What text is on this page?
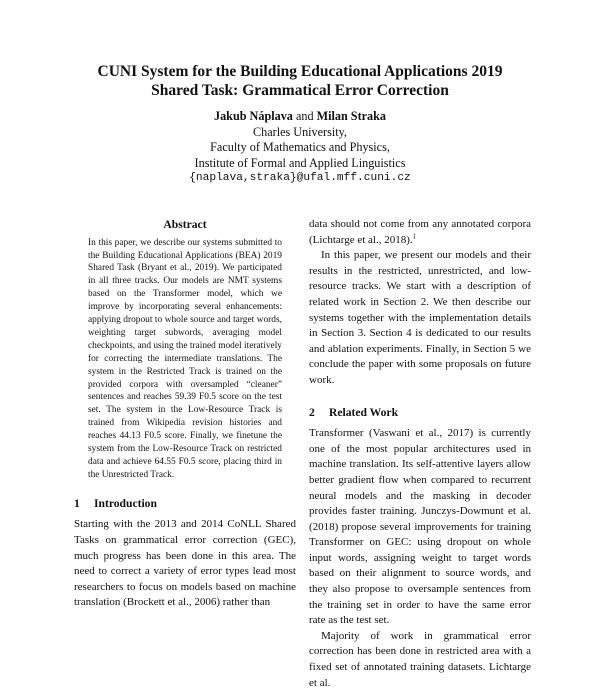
CUNI System for the Building Educational Applications 2019
Shared Task: Grammatical Error Correction
Jakub Náplava and Milan Straka
Charles University,
Faculty of Mathematics and Physics,
Institute of Formal and Applied Linguistics
{naplava,straka}@ufal.mff.cuni.cz
Abstract

In this paper, we describe our systems submitted to the Building Educational Applications (BEA) 2019 Shared Task (Bryant et al., 2019). We participated in all three tracks. Our models are NMT systems based on the Transformer model, which we improve by incorporating several enhancements: applying dropout to whole source and target words, weighting target subwords, averaging model checkpoints, and using the trained model iteratively for correcting the intermediate translations. The system in the Restricted Track is trained on the provided corpora with oversampled “cleaner” sentences and reaches 59.39 F0.5 score on the test set. The system in the Low-Resource Track is trained from Wikipedia revision histories and reaches 44.13 F0.5 score. Finally, we finetune the system from the Low-Resource Track on restricted data and achieve 64.55 F0.5 score, placing third in the Unrestricted Track.

1 Introduction

Starting with the 2013 and 2014 CoNLL Shared Tasks on grammatical error correction (GEC), much progress has been done in this area. The need to correct a variety of error types lead most researchers to focus on models based on machine translation (Brockett et al., 2006) rather than

data should not come from any annotated corpora (Lichtarge et al., 2018).$^1$

In this paper, we present our models and their results in the restricted, unrestricted, and low-resource tracks. We start with a description of related work in Section 2. We then describe our systems together with the implementation details in Section 3. Section 4 is dedicated to our results and ablation experiments. Finally, in Section 5 we conclude the paper with some proposals on future work.

2 Related Work

Transformer (Vaswani et al., 2017) is currently one of the most popular architectures used in machine translation. Its self-attentive layers allow better gradient flow when compared to recurrent neural models and the masking in decoder provides faster training. Junczys-Dowmunt et al. (2018) propose several improvements for training Transformer on GEC: using dropout on whole input words, assigning weight to target words based on their alignment to source words, and they also propose to oversample sentences from the training set in order to have the same error rate as the test set.

Majority of work in grammatical error correction has been done in restricted area with a fixed set of annotated training datasets. Lichtarge et al.
